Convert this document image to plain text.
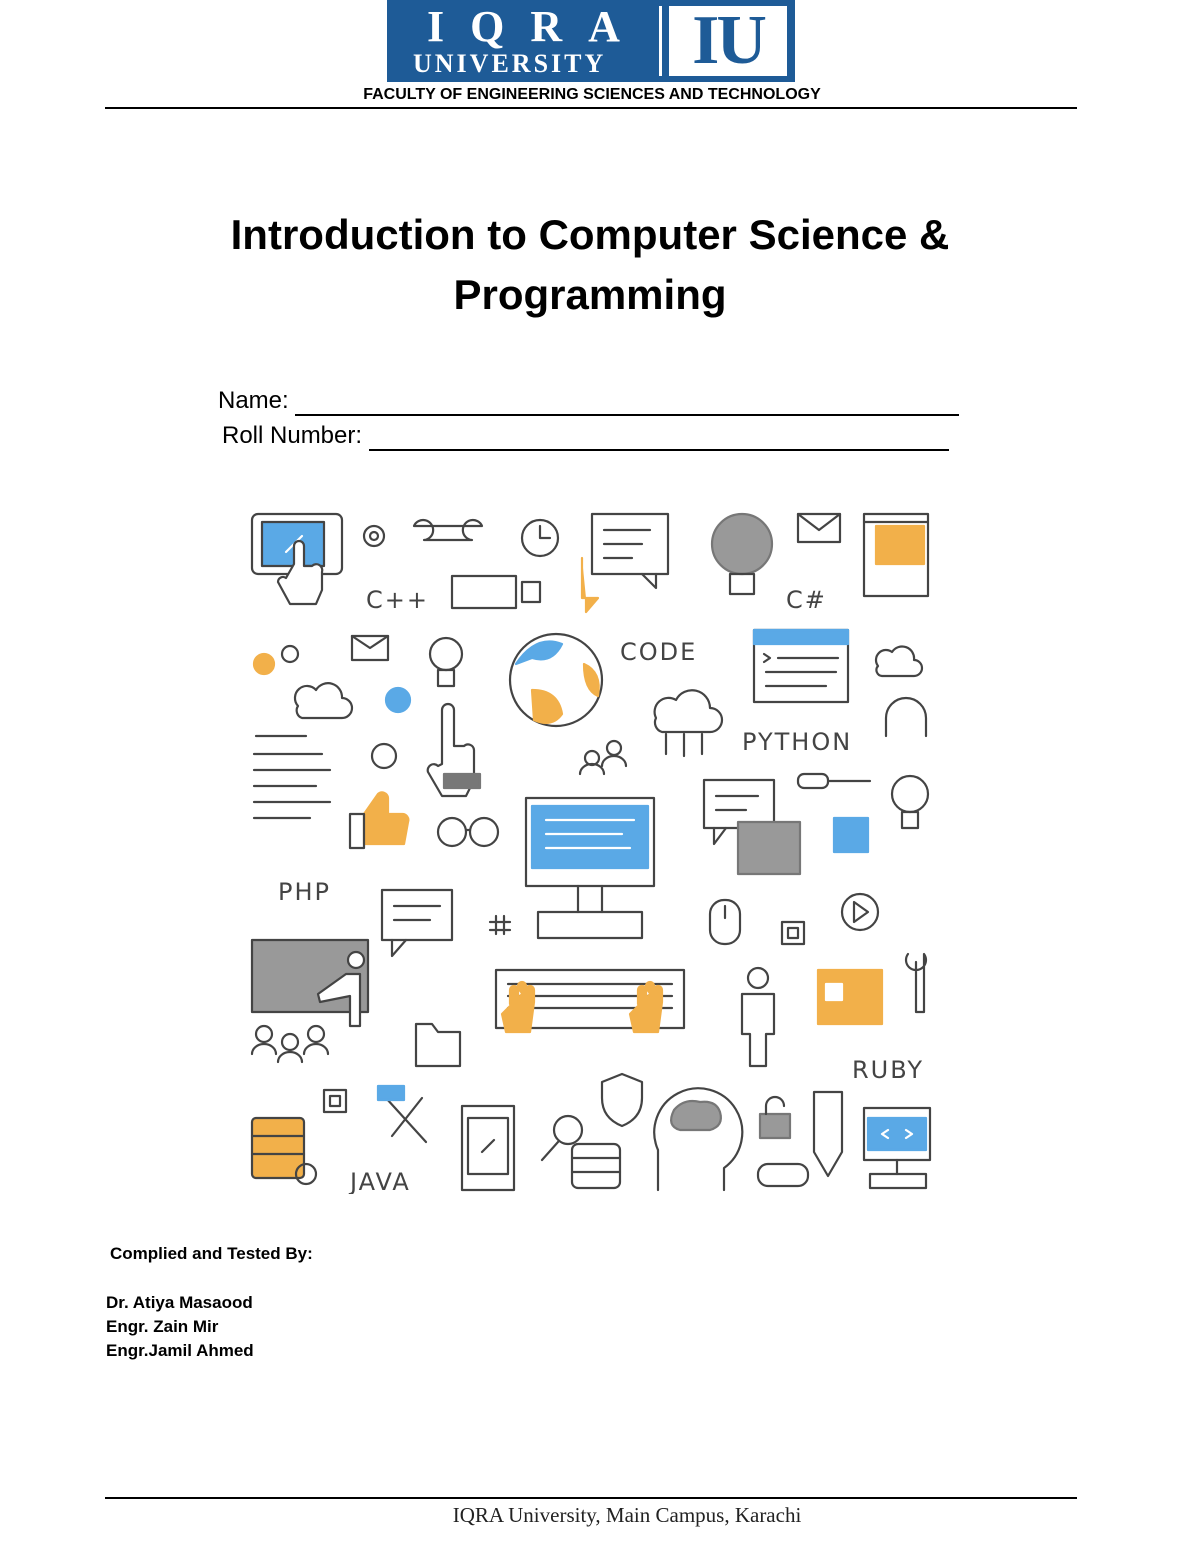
IQRA
UNIVERSITY	IU
FACULTY OF ENGINEERING SCIENCES AND TECHNOLOGY
Introduction to Computer Science &
Programming
Name:
Roll Number:
C++	C#
CODE
PYTHON
PHP
RUBY
JAVA
Complied and Tested By:
Dr. Atiya Masaood
Engr. Zain Mir
Engr.Jamil Ahmed
IQRA University, Main Campus, Karachi
